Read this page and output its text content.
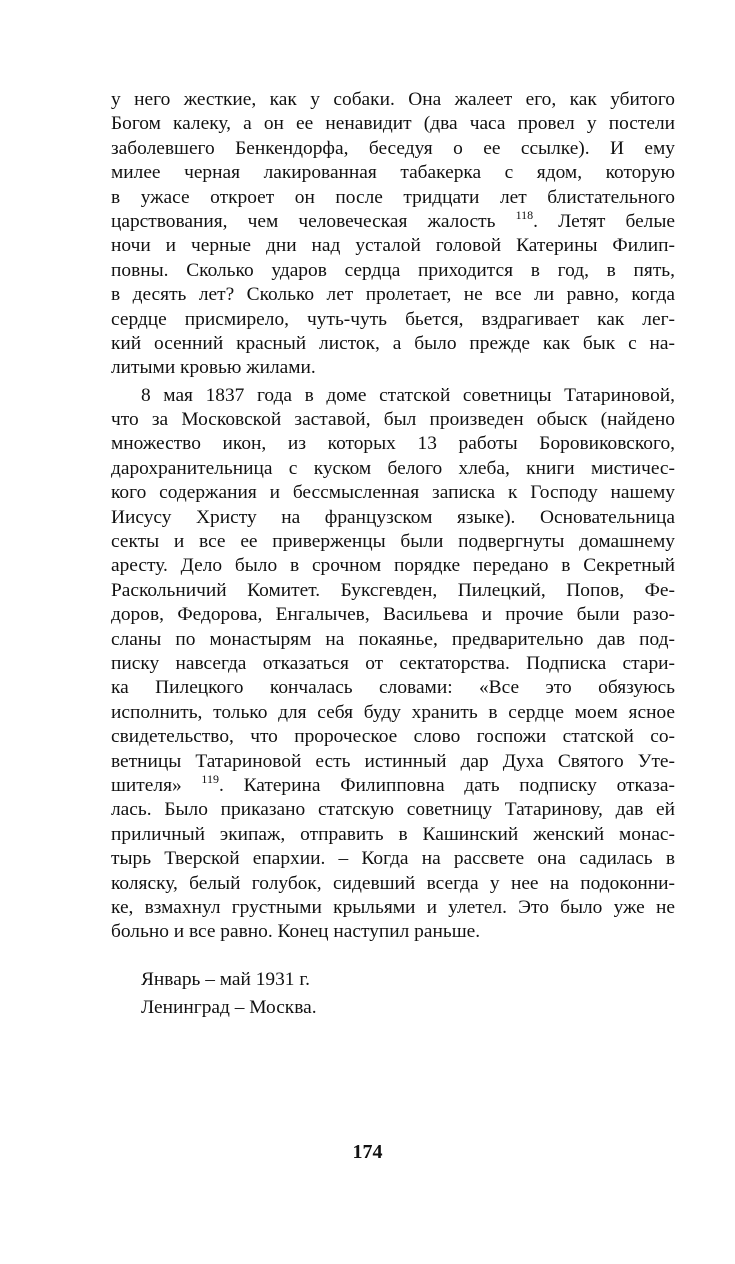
у него жесткие, как у собаки. Она жалеет его, как убитого
Богом калеку, а он ее ненавидит (два часа провел у постели
заболевшего Бенкендорфа, беседуя о ее ссылке). И ему
милее черная лакированная табакерка с ядом, которую
в ужасе откроет он после тридцати лет блистательного
царствования, чем человеческая жалость $^{118}$. Летят белые
ночи и черные дни над усталой головой Катерины Филип-
повны. Сколько ударов сердца приходится в год, в пять,
в десять лет? Сколько лет пролетает, не все ли равно, когда
сердце присмирело, чуть-чуть бьется, вздрагивает как лег-
кий осенний красный листок, а было прежде как бык с на-
литыми кровью жилами.
8 мая 1837 года в доме статской советницы Татариновой,
что за Московской заставой, был произведен обыск (найдено
множество икон, из которых 13 работы Боровиковского,
дарохранительница с куском белого хлеба, книги мистичес-
кого содержания и бессмысленная записка к Господу нашему
Иисусу Христу на французском языке). Основательница
секты и все ее приверженцы были подвергнуты домашнему
аресту. Дело было в срочном порядке передано в Секретный
Раскольничий Комитет. Буксгевден, Пилецкий, Попов, Фе-
доров, Федорова, Енгалычев, Васильева и прочие были разо-
сланы по монастырям на покаянье, предварительно дав под-
писку навсегда отказаться от сектаторства. Подписка стари-
ка Пилецкого кончалась словами: «Все это обязуюсь
исполнить, только для себя буду хранить в сердце моем ясное
свидетельство, что пророческое слово госпожи статской со-
ветницы Татариновой есть истинный дар Духа Святого Уте-
шителя» $^{119}$. Катерина Филипповна дать подписку отказа-
лась. Было приказано статскую советницу Татаринову, дав ей
приличный экипаж, отправить в Кашинский женский монас-
тырь Тверской епархии. – Когда на рассвете она садилась в
коляску, белый голубок, сидевший всегда у нее на подоконни-
ке, взмахнул грустными крыльями и улетел. Это было уже не
больно и все равно. Конец наступил раньше.
Январь – май 1931 г.
Ленинград – Москва.
174
